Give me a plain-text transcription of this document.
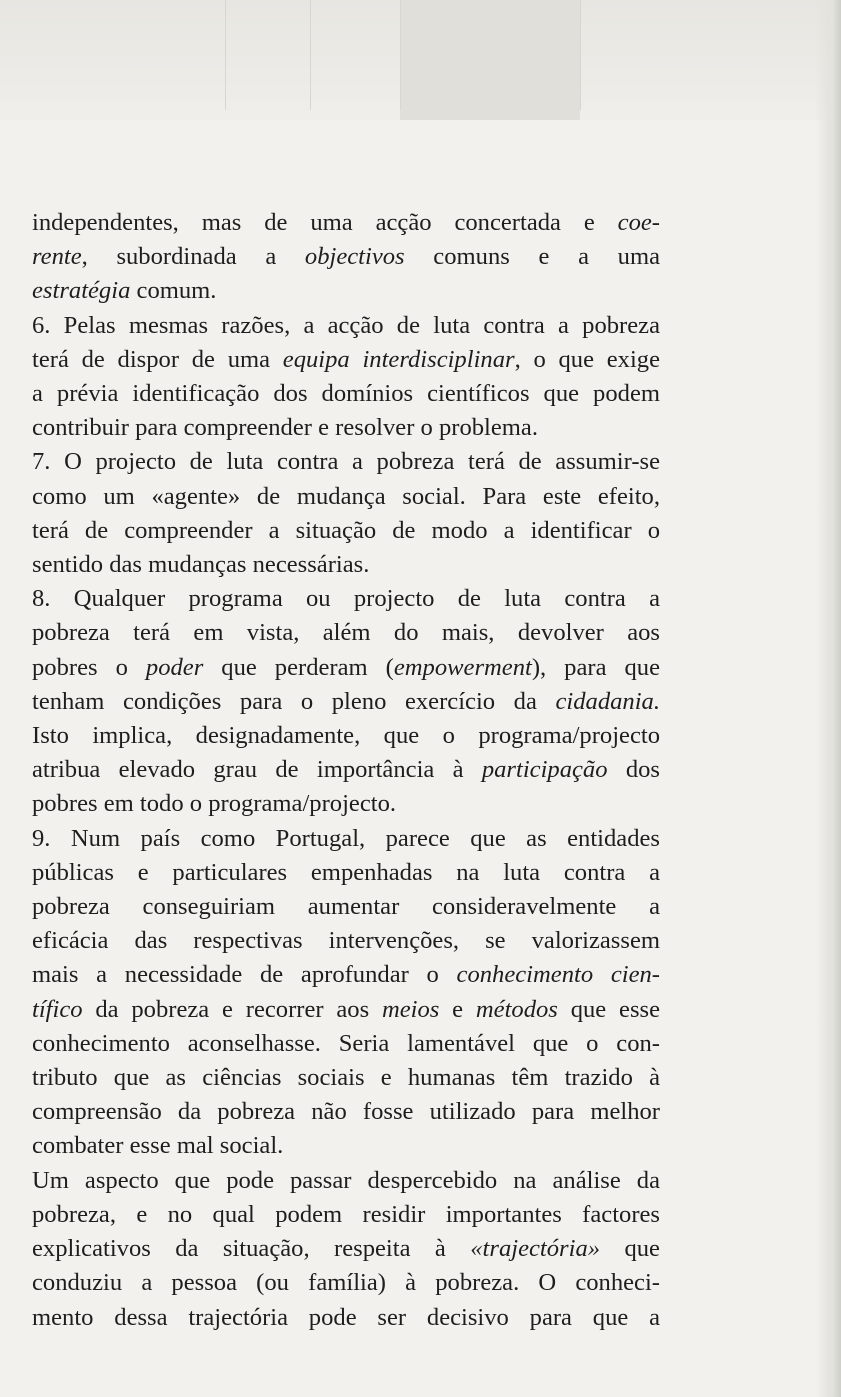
independentes, mas de uma acção concertada e coe-
rente, subordinada a objectivos comuns e a uma
estratégia comum.
6. Pelas mesmas razões, a acção de luta contra a pobreza
terá de dispor de uma equipa interdisciplinar, o que exige
a prévia identificação dos domínios científicos que podem
contribuir para compreender e resolver o problema.
7. O projecto de luta contra a pobreza terá de assumir-se
como um «agente» de mudança social. Para este efeito,
terá de compreender a situação de modo a identificar o
sentido das mudanças necessárias.
8. Qualquer programa ou projecto de luta contra a
pobreza terá em vista, além do mais, devolver aos
pobres o poder que perderam (empowerment), para que
tenham condições para o pleno exercício da cidadania.
Isto implica, designadamente, que o programa/projecto
atribua elevado grau de importância à participação dos
pobres em todo o programa/projecto.
9. Num país como Portugal, parece que as entidades
públicas e particulares empenhadas na luta contra a
pobreza conseguiriam aumentar consideravelmente a
eficácia das respectivas intervenções, se valorizassem
mais a necessidade de aprofundar o conhecimento cien-
tífico da pobreza e recorrer aos meios e métodos que esse
conhecimento aconselhasse. Seria lamentável que o con-
tributo que as ciências sociais e humanas têm trazido à
compreensão da pobreza não fosse utilizado para melhor
combater esse mal social.
Um aspecto que pode passar despercebido na análise da
pobreza, e no qual podem residir importantes factores
explicativos da situação, respeita à «trajectória» que
conduziu a pessoa (ou família) à pobreza. O conheci-
mento dessa trajectória pode ser decisivo para que a
